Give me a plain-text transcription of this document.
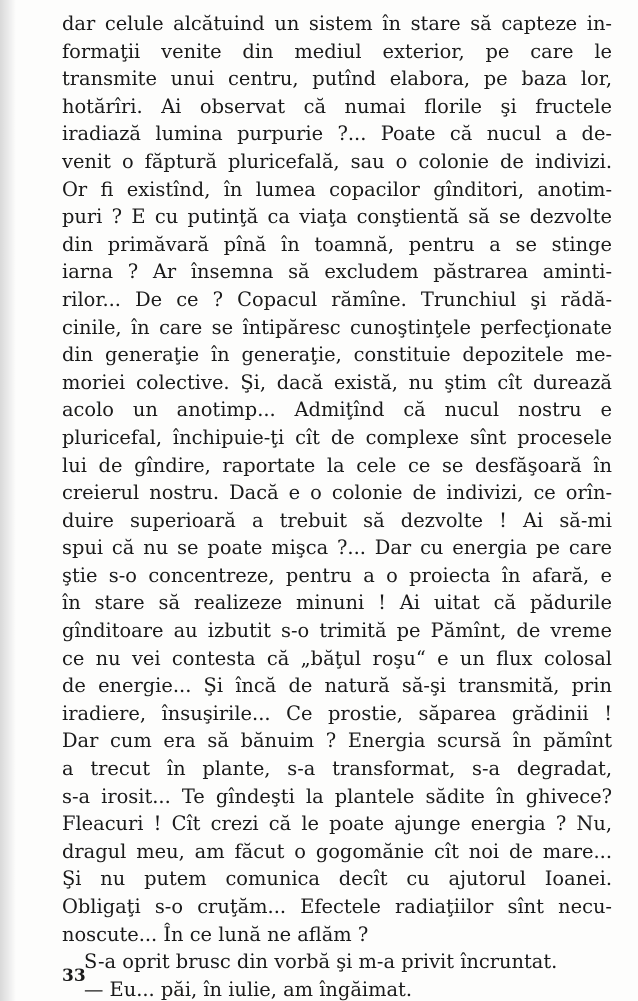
dar celule alcătuind un sistem în stare să capteze in-
formaţii venite din mediul exterior, pe care le
transmite unui centru, putînd elabora, pe baza lor,
hotărîri. Ai observat că numai florile şi fructele
iradiază lumina purpurie ?... Poate că nucul a de-
venit o făptură pluricefală, sau o colonie de indivizi.
Or fi existînd, în lumea copacilor gînditori, anotim-
puri ? E cu putinţă ca viaţa conştientă să se dezvolte
din primăvară pînă în toamnă, pentru a se stinge
iarna ? Ar însemna să excludem păstrarea aminti-
rilor... De ce ? Copacul rămîne. Trunchiul şi rădă-
cinile, în care se întipăresc cunoştinţele perfecţionate
din generaţie în generaţie, constituie depozitele me-
moriei colective. Şi, dacă există, nu ştim cît durează
acolo un anotimp... Admiţînd că nucul nostru e
pluricefal, închipuie-ţi cît de complexe sînt procesele
lui de gîndire, raportate la cele ce se desfăşoară în
creierul nostru. Dacă e o colonie de indivizi, ce orîn-
duire superioară a trebuit să dezvolte ! Ai să-mi
spui că nu se poate mişca ?... Dar cu energia pe care
ştie s-o concentreze, pentru a o proiecta în afară, e
în stare să realizeze minuni ! Ai uitat că pădurile
gînditoare au izbutit s-o trimită pe Pămînt, de vreme
ce nu vei contesta că „băţul roşu“ e un flux colosal
de energie... Şi încă de natură să-şi transmită, prin
iradiere, însuşirile... Ce prostie, săparea grădinii !
Dar cum era să bănuim ? Energia scursă în pămînt
a trecut în plante, s-a transformat, s-a degradat,
s-a irosit... Te gîndeşti la plantele sădite în ghivece?
Fleacuri ! Cît crezi că le poate ajunge energia ? Nu,
dragul meu, am făcut o gogomănie cît noi de mare...
Şi nu putem comunica decît cu ajutorul Ioanei.
Obligaţi s-o cruţăm... Efectele radiaţiilor sînt necu-
noscute... În ce lună ne aflăm ?

S-a oprit brusc din vorbă şi m-a privit încruntat.

— Eu... păi, în iulie, am îngăimat.

33
